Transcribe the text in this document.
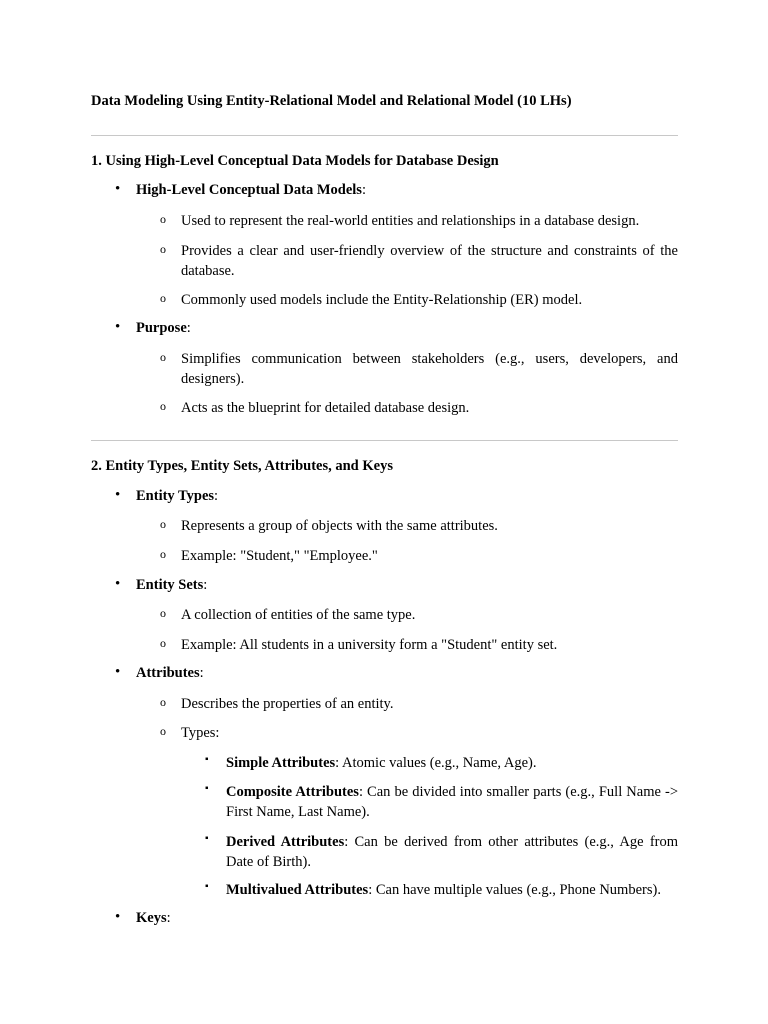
Data Modeling Using Entity-Relational Model and Relational Model (10 LHs)
1. Using High-Level Conceptual Data Models for Database Design
• High-Level Conceptual Data Models:
o Used to represent the real-world entities and relationships in a database design.
o Provides a clear and user-friendly overview of the structure and constraints of the database.
o Commonly used models include the Entity-Relationship (ER) model.
• Purpose:
o Simplifies communication between stakeholders (e.g., users, developers, and designers).
o Acts as the blueprint for detailed database design.
2. Entity Types, Entity Sets, Attributes, and Keys
• Entity Types:
o Represents a group of objects with the same attributes.
o Example: "Student," "Employee."
• Entity Sets:
o A collection of entities of the same type.
o Example: All students in a university form a "Student" entity set.
• Attributes:
o Describes the properties of an entity.
o Types:
▪ Simple Attributes: Atomic values (e.g., Name, Age).
▪ Composite Attributes: Can be divided into smaller parts (e.g., Full Name -> First Name, Last Name).
▪ Derived Attributes: Can be derived from other attributes (e.g., Age from Date of Birth).
▪ Multivalued Attributes: Can have multiple values (e.g., Phone Numbers).
• Keys:
